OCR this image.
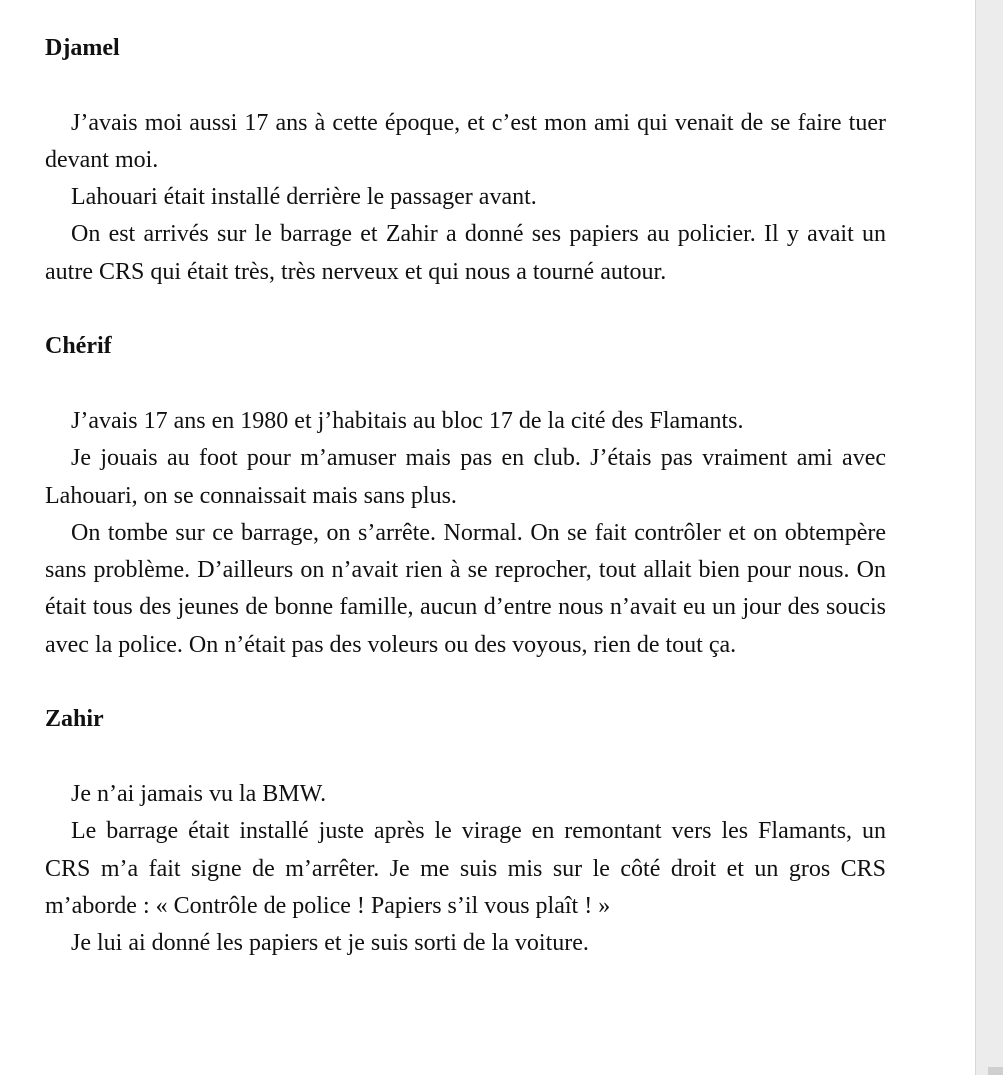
Djamel

J’avais moi aussi 17 ans à cette époque, et c’est mon ami qui venait de se faire tuer devant moi.

Lahouari était installé derrière le passager avant.

On est arrivés sur le barrage et Zahir a donné ses papiers au policier. Il y avait un autre CRS qui était très, très nerveux et qui nous a tourné autour.

Chérif

J’avais 17 ans en 1980 et j’habitais au bloc 17 de la cité des Flamants.

Je jouais au foot pour m’amuser mais pas en club. J’étais pas vraiment ami avec Lahouari, on se connaissait mais sans plus.

On tombe sur ce barrage, on s’arrête. Normal. On se fait contrôler et on obtempère sans problème. D’ailleurs on n’avait rien à se reprocher, tout allait bien pour nous. On était tous des jeunes de bonne famille, aucun d’entre nous n’avait eu un jour des soucis avec la police. On n’était pas des voleurs ou des voyous, rien de tout ça.

Zahir

Je n’ai jamais vu la BMW.

Le barrage était installé juste après le virage en remontant vers les Flamants, un CRS m’a fait signe de m’arrêter. Je me suis mis sur le côté droit et un gros CRS m’aborde : « Contrôle de police ! Papiers s’il vous plaît ! »

Je lui ai donné les papiers et je suis sorti de la voiture.
